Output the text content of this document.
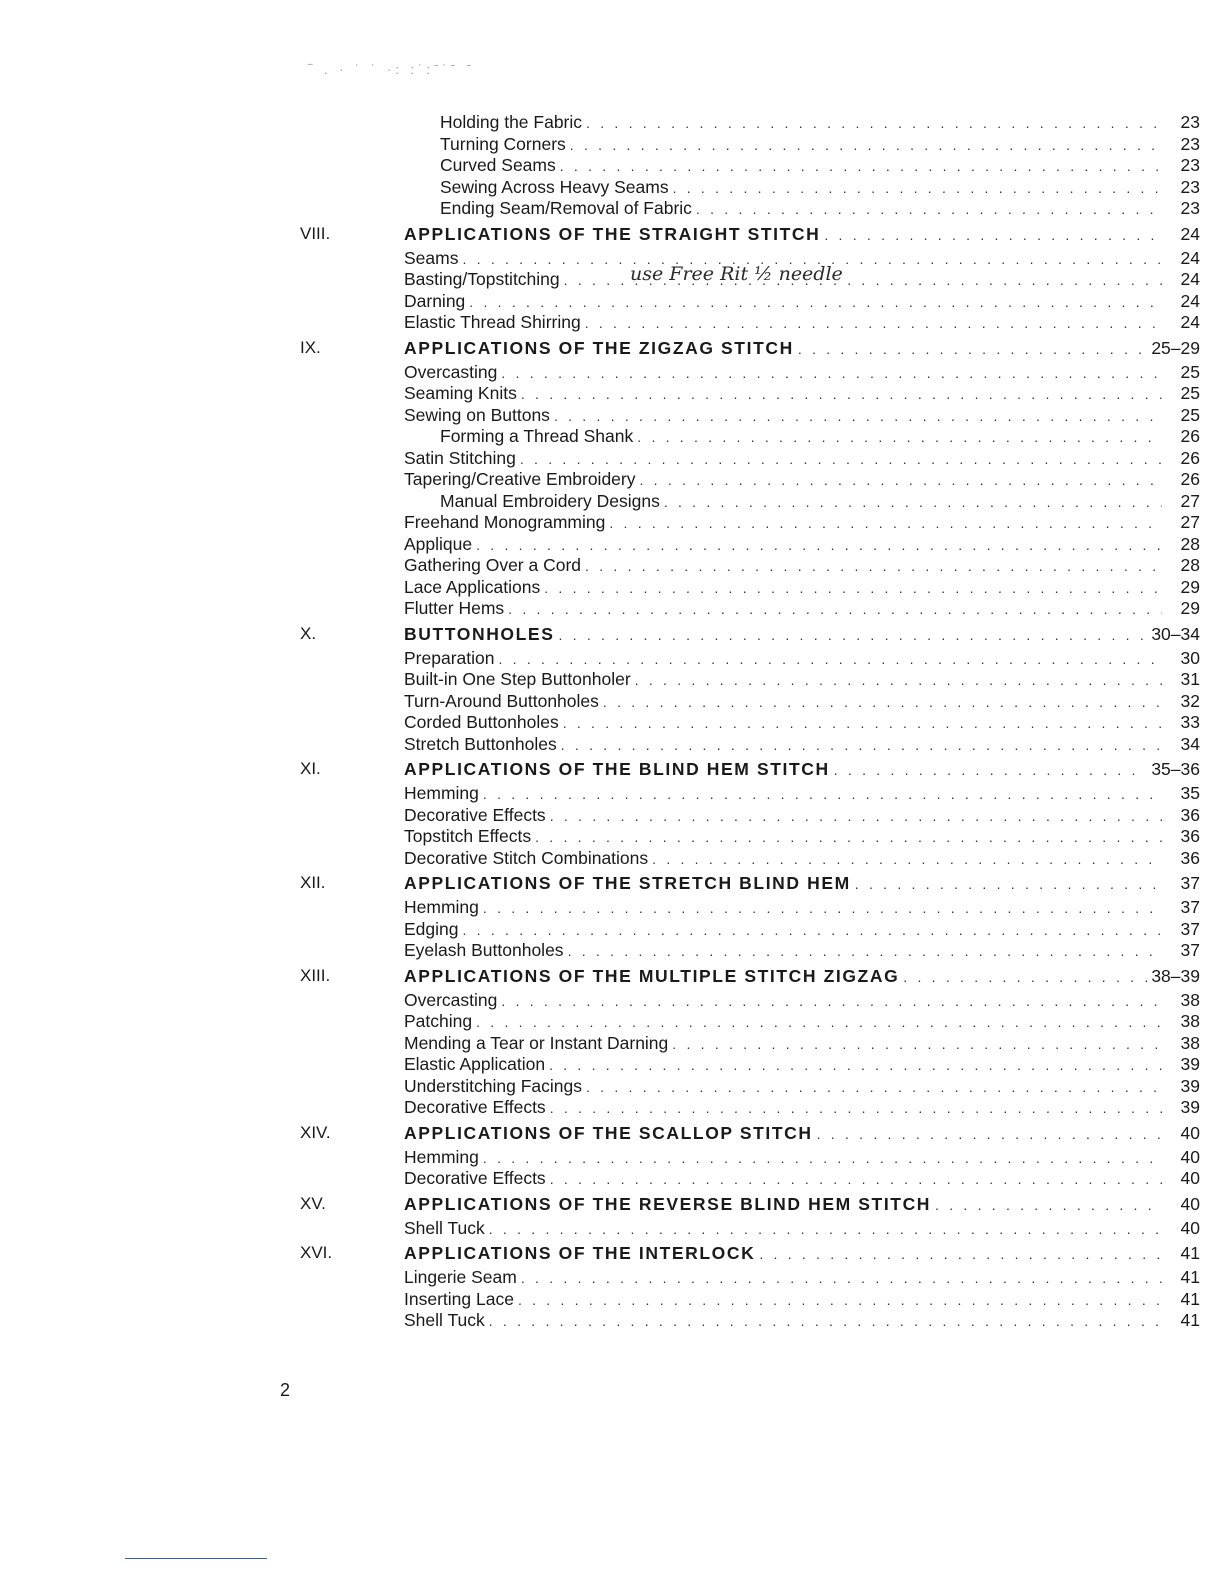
‾ . · ˙ ˙ ·: :˙:ˉ˙ˉ ˉ
Holding the Fabric . . .	23
Turning Corners . . .	23
Curved Seams . . .	23
Sewing Across Heavy Seams . . .	23
Ending Seam/Removal of Fabric . . .	23
VIII.	APPLICATIONS OF THE STRAIGHT STITCH . . .	24
Seams . . .	24
Basting/Topstitching . . .	24
use Free Rit ½ needle
Darning . . .	24
Elastic Thread Shirring . . .	24
IX.	APPLICATIONS OF THE ZIGZAG STITCH . . .	25–29
Overcasting . . .	25
Seaming Knits . . .	25
Sewing on Buttons . . .	25
Forming a Thread Shank . . .	26
Satin Stitching . . .	26
Tapering/Creative Embroidery . . .	26
Manual Embroidery Designs . . .	27
Freehand Monogramming . . .	27
Applique . . .	28
Gathering Over a Cord . . .	28
Lace Applications . . .	29
Flutter Hems . . .	29
X.	BUTTONHOLES . . .	30–34
Preparation . . .	30
Built-in One Step Buttonholer . . .	31
Turn-Around Buttonholes . . .	32
Corded Buttonholes . . .	33
Stretch Buttonholes . . .	34
XI.	APPLICATIONS OF THE BLIND HEM STITCH . . .	35–36
Hemming . . .	35
Decorative Effects . . .	36
Topstitch Effects . . .	36
Decorative Stitch Combinations . . .	36
XII.	APPLICATIONS OF THE STRETCH BLIND HEM . . .	37
Hemming . . .	37
Edging . . .	37
Eyelash Buttonholes . . .	37
XIII.	APPLICATIONS OF THE MULTIPLE STITCH ZIGZAG . . .	38–39
Overcasting . . .	38
Patching . . .	38
Mending a Tear or Instant Darning . . .	38
Elastic Application . . .	39
Understitching Facings . . .	39
Decorative Effects . . .	39
XIV.	APPLICATIONS OF THE SCALLOP STITCH . . .	40
Hemming . . .	40
Decorative Effects . . .	40
XV.	APPLICATIONS OF THE REVERSE BLIND HEM STITCH . . .	40
Shell Tuck . . .	40
XVI.	APPLICATIONS OF THE INTERLOCK . . .	41
Lingerie Seam . . .	41
Inserting Lace . . .	41
Shell Tuck . . .	41
2
